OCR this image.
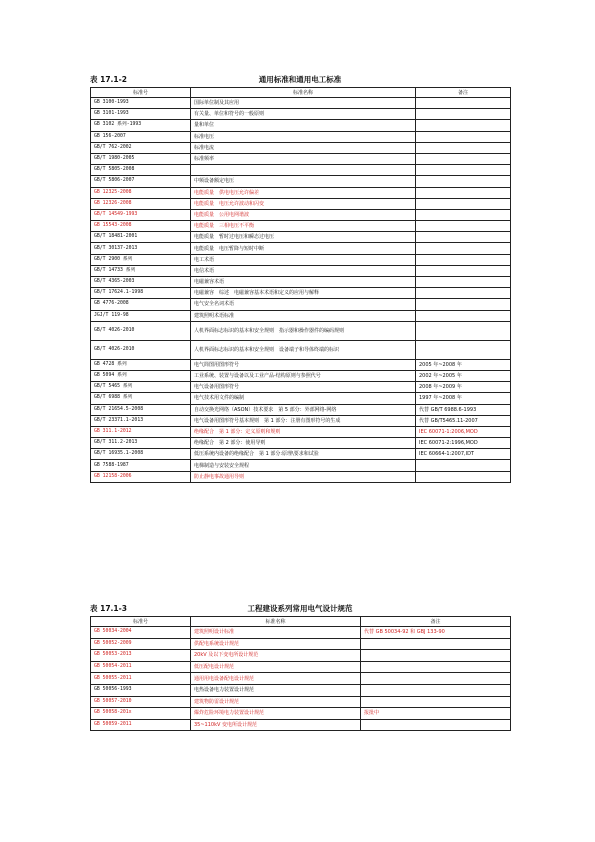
表 17.1-2	通用标准和通用电工标准
标准号	标准名称	备注
GB 3100-1993	国际单位制及其应用	
GB 3101-1993	有关量、单位和符号的一般原则	
GB 3102 系列-1993	量和单位	
GB 156-2007	标准电压	
GB/T 762-2002	标准电流	
GB/T 1980-2005	标准频率	
GB/T 5805-2008		
GB/T 5806-2007	中频设备额定电压	
GB 12325-2008	电能质量　供电电压允许偏差	
GB 12326-2008	电能质量　电压允许波动和闪变	
GB/T 14549-1993	电能质量　公用电网谐波	
GB 15543-2008	电能质量　三相电压不平衡	
GB/T 18481-2001	电能质量　暂时过电压和瞬态过电压	
GB/T 30137-2013	电能质量　电压暂降与短时中断	
GB/T 2900 系列	电工术语	
GB/T 14733 系列	电信术语	
GB/T 4365-2003	电磁兼容术语	
GB/T 17624.1-1998	电磁兼容　综述　电磁兼容基本术语和定义的应用与解释	
GB 4776-2008	电气安全名词术语	
JGJ/T 119-98	建筑照明术语标准	
GB/T 4026-2010	人机界面标志标识的基本和安全规则　指示器和操作器件的编码规则	
GB/T 4026-2010	人机界面标志标识的基本和安全规则　设备端子和导体终端的标识	
GB 4728 系列	电气简图用图形符号	2005 年~2008 年
GB 5094 系列	工业系统、装置与设备以及工业产品-结构原则与参照代号	2002 年~2005 年
GB/T 5465 系列	电气设备用图形符号	2008 年~2009 年
GB/T 6988 系列	电气技术用文件的编制	1997 年~2008 年
GB/T 21654.5-2008	自动交换光网络（ASON）技术要求　第 5 部分：外部网络-网络	代替 GB/T 6988.6-1993
GB/T 23371.1-2013	电气设备用图形符号基本规则　第 1 部分：注册有图形符号的生成	代替 GB/T5465.11-2007
GB 311.1-2012	绝缘配合　第 1 部分：定义原则和规则	IEC 60071-1:2006,MOD
GB/T 311.2-2013	绝缘配合　第 2 部分：使用导则	IEC 60071-2:1996,MOD
GB/T 16935.1-2008	低压系统内设备的绝缘配合　第 1 部分:原理\要求和试验	IEC 60664-1:2007,IDT
GB 7588-1987	电梯制造与安装安全规程	
GB 12158-2006	防止静电事故通用导则	
表 17.1-3	工程建设系列常用电气设计规范
标准号	标准名称	备注
GB 50034-2004	建筑照明设计标准	代替 GB 50034-92 和 GBJ 133-90
GB 50052-2009	供配电系统设计规范	
GB 50053-2013	20kV 及以下变电所设计规范	
GB 50054-2011	低压配电设计规范	
GB 50055-2011	通用用电设备配电设计规范	
GB 50056-1993	电热设备电力装置设计规范	
GB 50057-2010	建筑物防雷设计规范	
GB 50058-201x	爆炸危险环境电力装置设计规范	报批中
GB 50059-2011	35~110kV 变电所设计规范	
